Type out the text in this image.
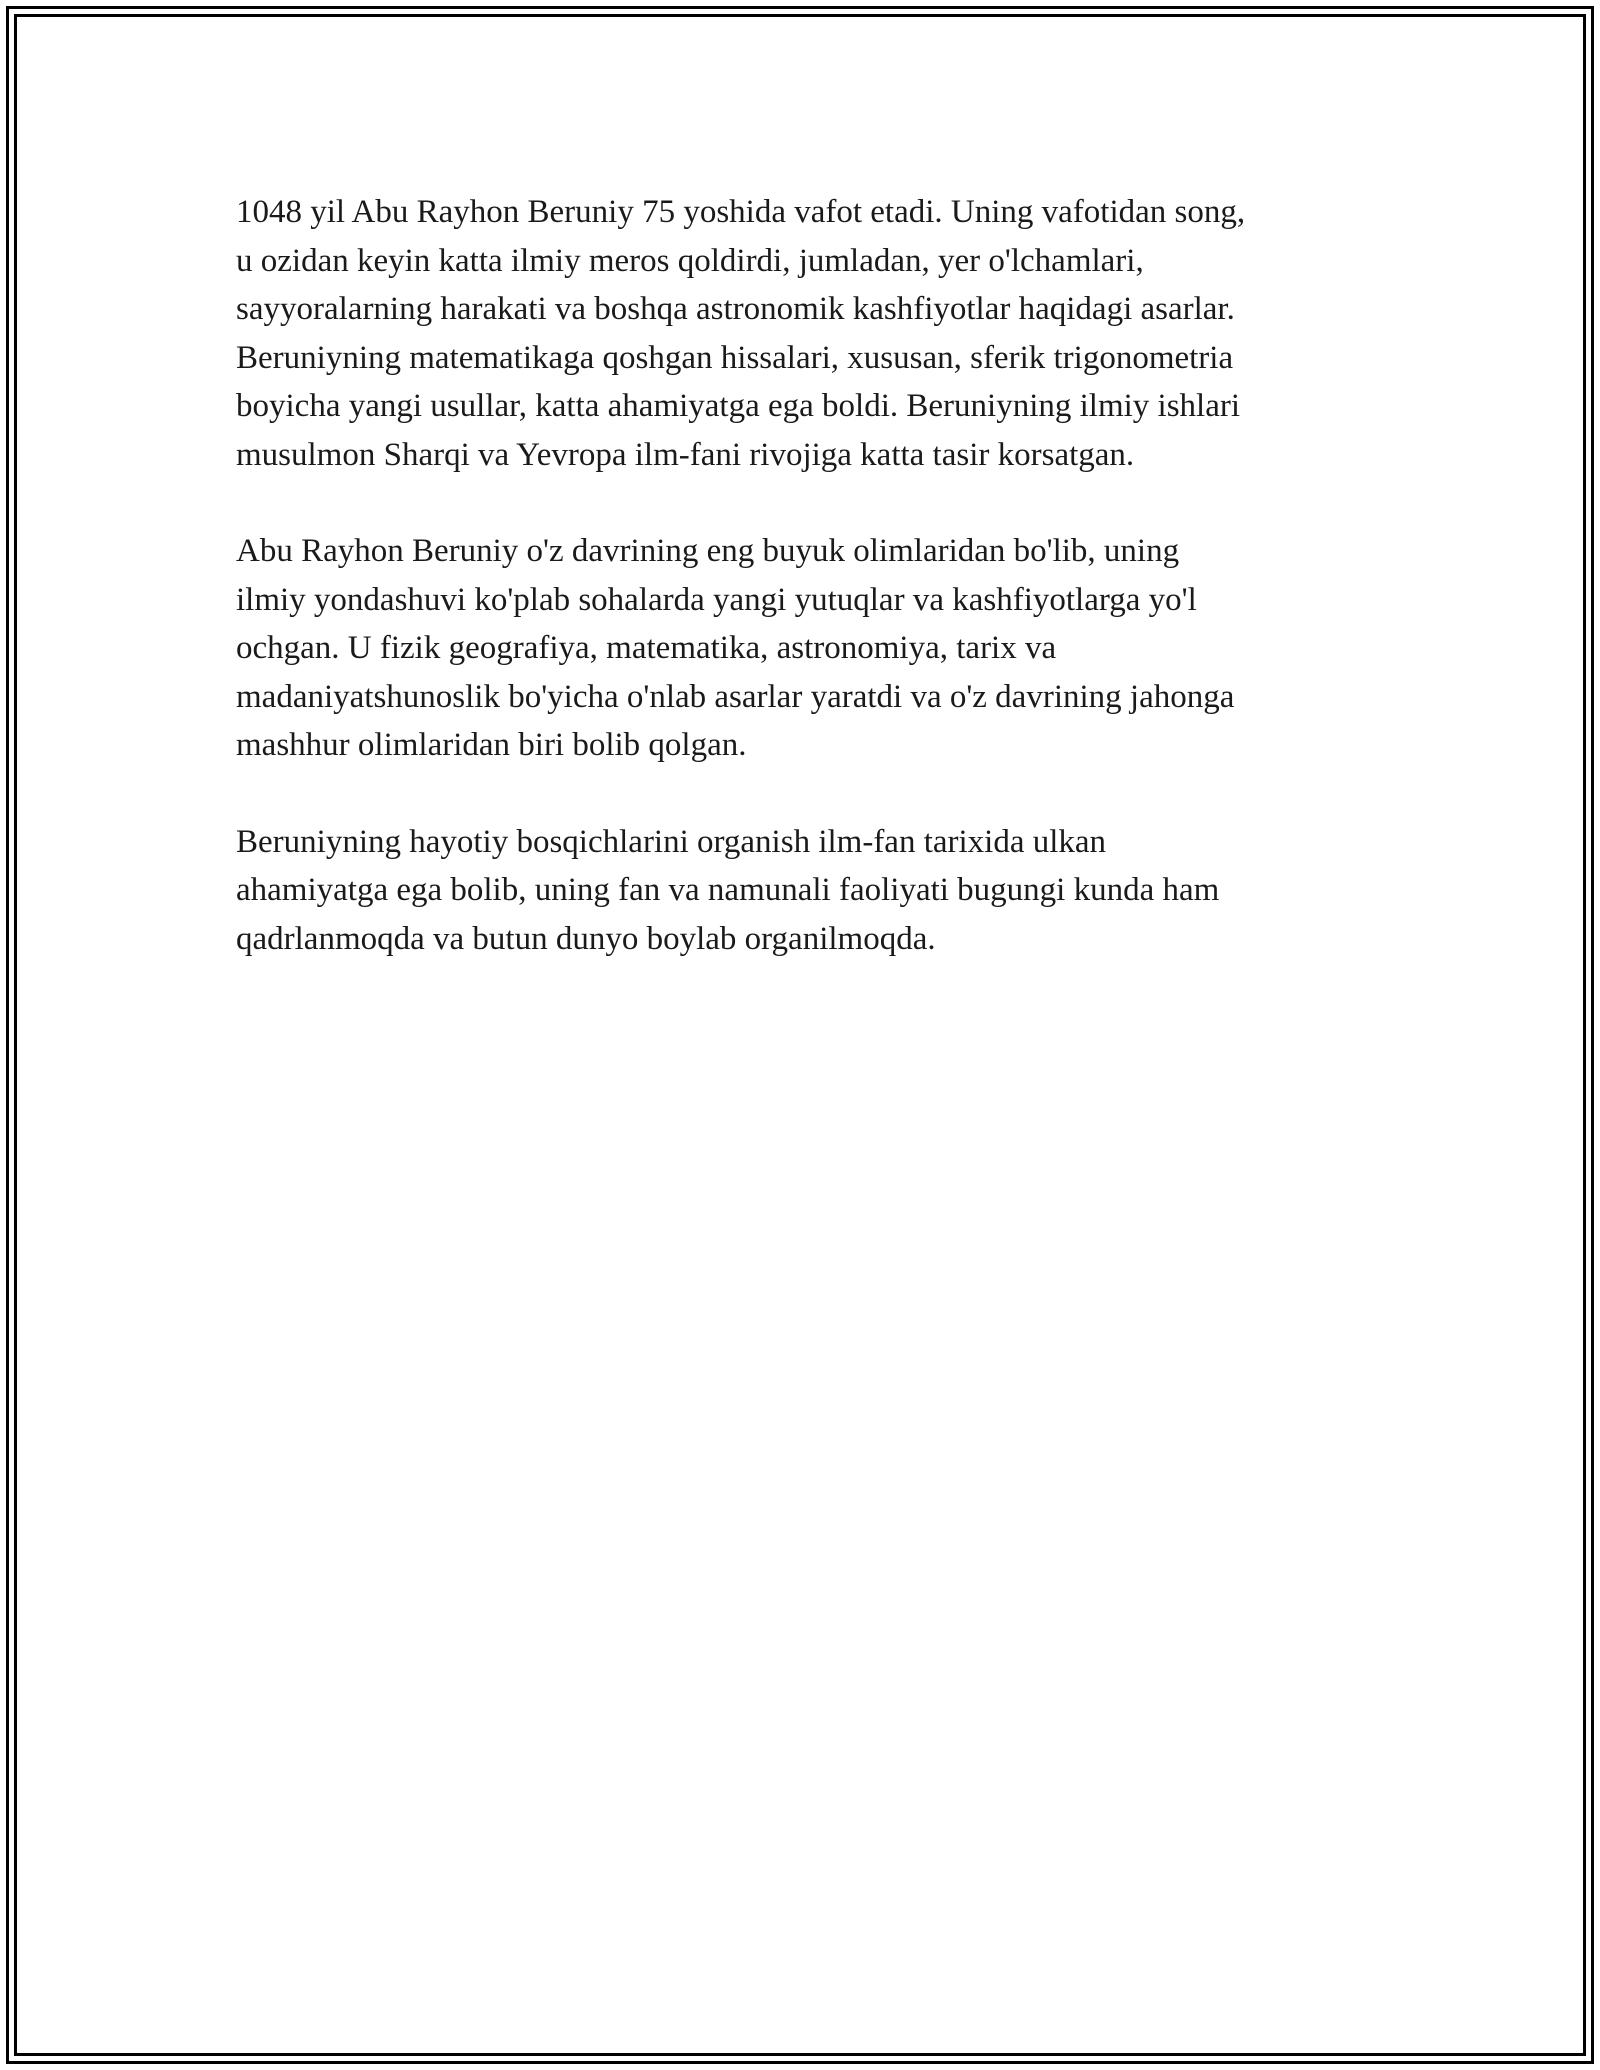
1048 yil Abu Rayhon Beruniy 75 yoshida vafot etadi. Uning vafotidan song,
u ozidan keyin katta ilmiy meros qoldirdi, jumladan, yer o'lchamlari,
sayyoralarning harakati va boshqa astronomik kashfiyotlar haqidagi asarlar.
Beruniyning matematikaga qoshgan hissalari, xususan, sferik trigonometria
boyicha yangi usullar, katta ahamiyatga ega boldi. Beruniyning ilmiy ishlari
musulmon Sharqi va Yevropa ilm-fani rivojiga katta tasir korsatgan.

Abu Rayhon Beruniy o'z davrining eng buyuk olimlaridan bo'lib, uning
ilmiy yondashuvi ko'plab sohalarda yangi yutuqlar va kashfiyotlarga yo'l
ochgan. U fizik geografiya, matematika, astronomiya, tarix va
madaniyatshunoslik bo'yicha o'nlab asarlar yaratdi va o'z davrining jahonga
mashhur olimlaridan biri bolib qolgan.

Beruniyning hayotiy bosqichlarini organish ilm-fan tarixida ulkan
ahamiyatga ega bolib, uning fan va namunali faoliyati bugungi kunda ham
qadrlanmoqda va butun dunyo boylab organilmoqda.
